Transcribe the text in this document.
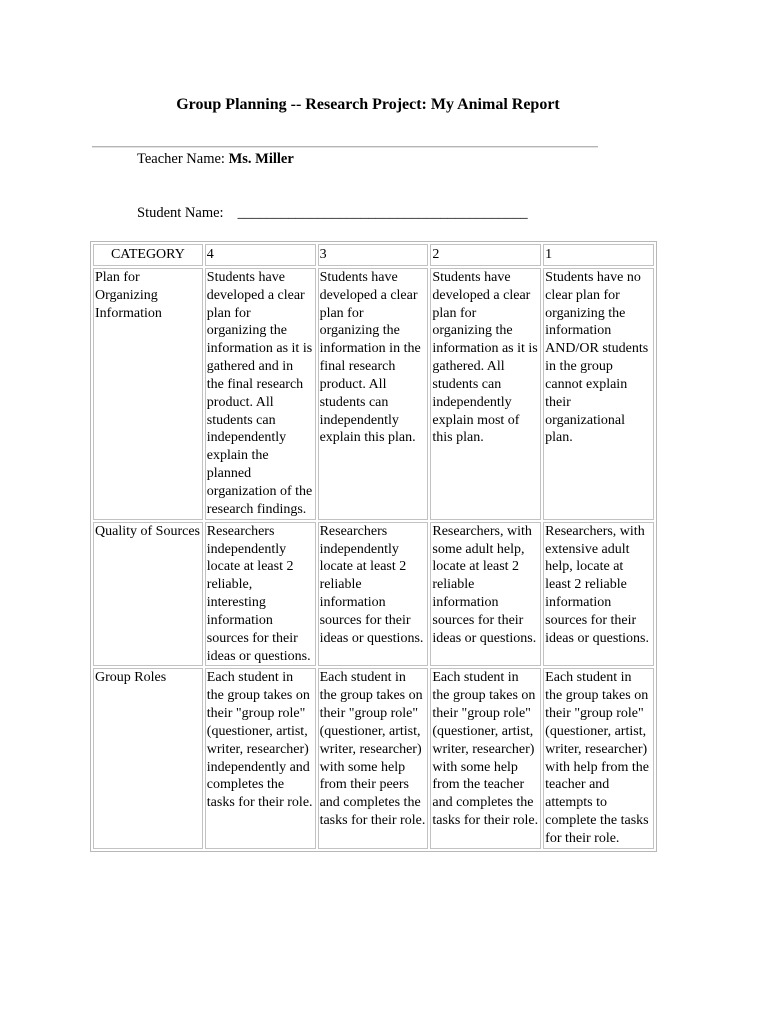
Group Planning -- Research Project: My Animal Report
Teacher Name: Ms. Miller
Student Name: ________________________________________
CATEGORY	4	3	2	1
Plan for Organizing Information	Students have developed a clear plan for organizing the information as it is gathered and in the final research product. All students can independently explain the planned organization of the research findings.	Students have developed a clear plan for organizing the information in the final research product. All students can independently explain this plan.	Students have developed a clear plan for organizing the information as it is gathered. All students can independently explain most of this plan.	Students have no clear plan for organizing the information AND/OR students in the group cannot explain their organizational plan.
Quality of Sources	Researchers independently locate at least 2 reliable, interesting information sources for their ideas or questions.	Researchers independently locate at least 2 reliable information sources for their ideas or questions.	Researchers, with some adult help, locate at least 2 reliable information sources for their ideas or questions.	Researchers, with extensive adult help, locate at least 2 reliable information sources for their ideas or questions.
Group Roles	Each student in the group takes on their "group role" (questioner, artist, writer, researcher) independently and completes the tasks for their role.	Each student in the group takes on their "group role" (questioner, artist, writer, researcher) with some help from their peers and completes the tasks for their role.	Each student in the group takes on their "group role" (questioner, artist, writer, researcher) with some help from the teacher and completes the tasks for their role.	Each student in the group takes on their "group role" (questioner, artist, writer, researcher) with help from the teacher and attempts to complete the tasks for their role.
